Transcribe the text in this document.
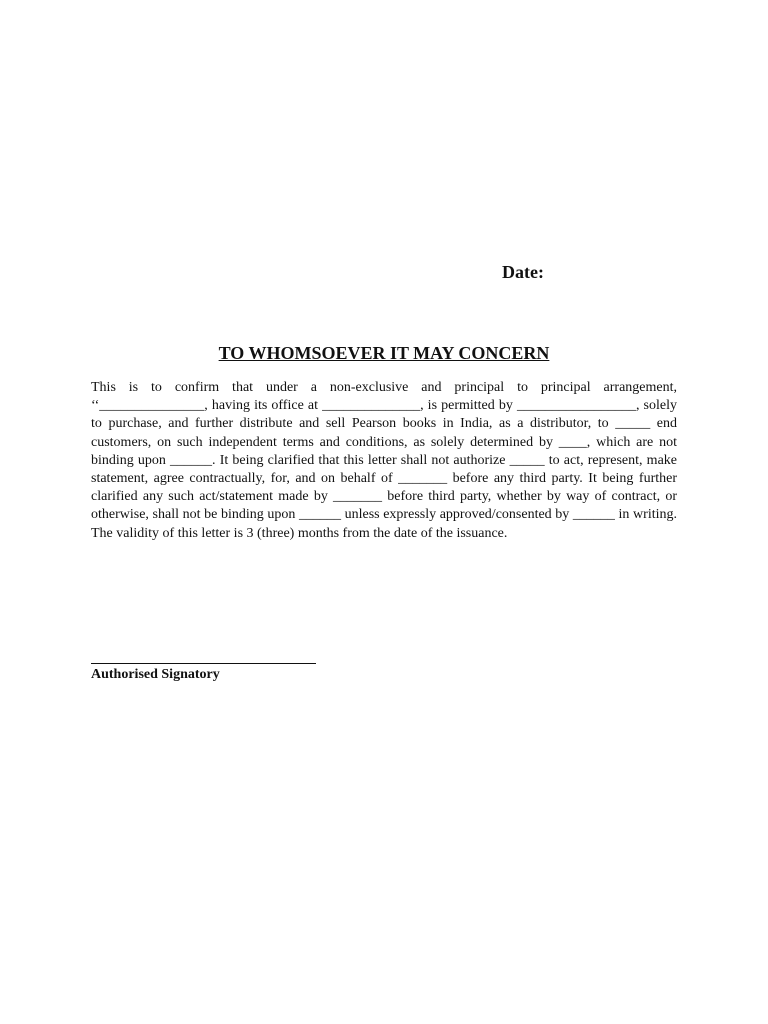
Date:
TO WHOMSOEVER IT MAY CONCERN

This is to confirm that under a non-exclusive and principal to principal arrangement, ‘‘_______________, having its office at ______________, is permitted by _________________, solely to purchase, and further distribute and sell Pearson books in India, as a distributor, to _____ end customers, on such independent terms and conditions, as solely determined by ____, which are not binding upon ______. It being clarified that this letter shall not authorize _____ to act, represent, make statement, agree contractually, for, and on behalf of _______ before any third party. It being further clarified any such act/statement made by _______ before third party, whether by way of contract, or otherwise, shall not be binding upon ______ unless expressly approved/consented by ______ in writing. The validity of this letter is 3 (three) months from the date of the issuance.

Authorised Signatory
